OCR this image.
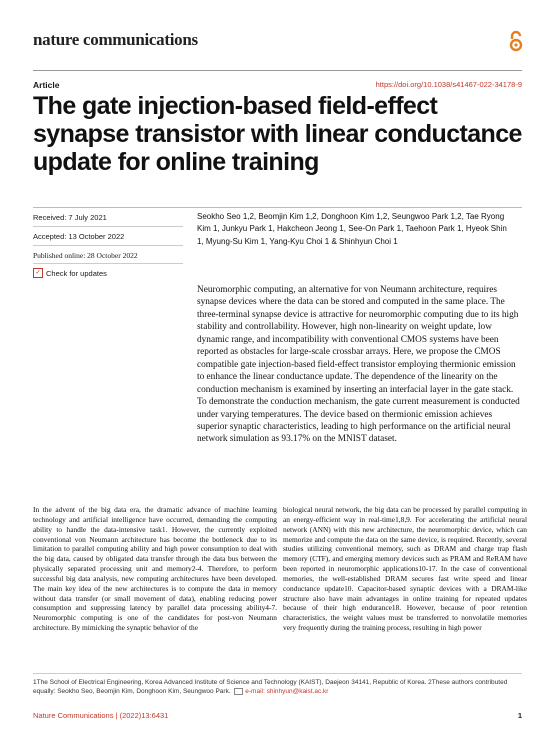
nature communications
Article	https://doi.org/10.1038/s41467-022-34178-9
The gate injection-based field-effect synapse transistor with linear conductance update for online training
Received: 7 July 2021
Accepted: 13 October 2022
Published online: 28 October 2022
✓ Check for updates
Seokho Seo 1,2, Beomjin Kim 1,2, Donghoon Kim 1,2, Seungwoo Park 1,2, Tae Ryong Kim 1, Junkyu Park 1, Hakcheon Jeong 1, See-On Park 1, Taehoon Park 1, Hyeok Shin 1, Myung-Su Kim 1, Yang-Kyu Choi 1 & Shinhyun Choi 1
Neuromorphic computing, an alternative for von Neumann architecture, requires synapse devices where the data can be stored and computed in the same place. The three-terminal synapse device is attractive for neuromorphic computing due to its high stability and controllability. However, high non-linearity on weight update, low dynamic range, and incompatibility with conventional CMOS systems have been reported as obstacles for large-scale crossbar arrays. Here, we propose the CMOS compatible gate injection-based field-effect transistor employing thermionic emission to enhance the linear conductance update. The dependence of the linearity on the conduction mechanism is examined by inserting an interfacial layer in the gate stack. To demonstrate the conduction mechanism, the gate current measurement is conducted under varying temperatures. The device based on thermionic emission achieves superior synaptic characteristics, leading to high performance on the artificial neural network simulation as 93.17% on the MNIST dataset.
In the advent of the big data era, the dramatic advance of machine learning technology and artificial intelligence have occurred, demanding the computing ability to handle the data-intensive task1. However, the currently exploited conventional von Neumann architecture has become the bottleneck due to its limitation to parallel computing ability and high power consumption to deal with the big data, caused by obligated data transfer through the data bus between the physically separated processing unit and memory2-4. Therefore, to perform successful big data analysis, new computing architectures have been developed. The main key idea of the new architectures is to compute the data in memory without data transfer (or small movement of data), enabling reducing power consumption and suppressing latency by parallel data processing ability4-7. Neuromorphic computing is one of the candidates for post-von Neumann architecture. By mimicking the synaptic behavior of the
biological neural network, the big data can be processed by parallel computing in an energy-efficient way in real-time1,8,9. For accelerating the artificial neural network (ANN) with this new architecture, the neuromorphic device, which can memorize and compute the data on the same device, is required. Recently, several studies utilizing conventional memory, such as DRAM and charge trap flash memory (CTF), and emerging memory devices such as PRAM and ReRAM have been reported in neuromorphic applications10-17. In the case of conventional memories, the well-established DRAM secures fast write speed and linear conductance update10. Capacitor-based synaptic devices with a DRAM-like structure also have main advantages in online training for repeated updates because of their high endurance18. However, because of poor retention characteristics, the weight values must be transferred to nonvolatile memories very frequently during the training process, resulting in high power
1The School of Electrical Engineering, Korea Advanced Institute of Science and Technology (KAIST), Daejeon 34141, Republic of Korea. 2These authors contributed equally: Seokho Seo, Beomjin Kim, Donghoon Kim, Seungwoo Park. e-mail: shinhyun@kaist.ac.kr
Nature Communications | (2022)13:6431	1
